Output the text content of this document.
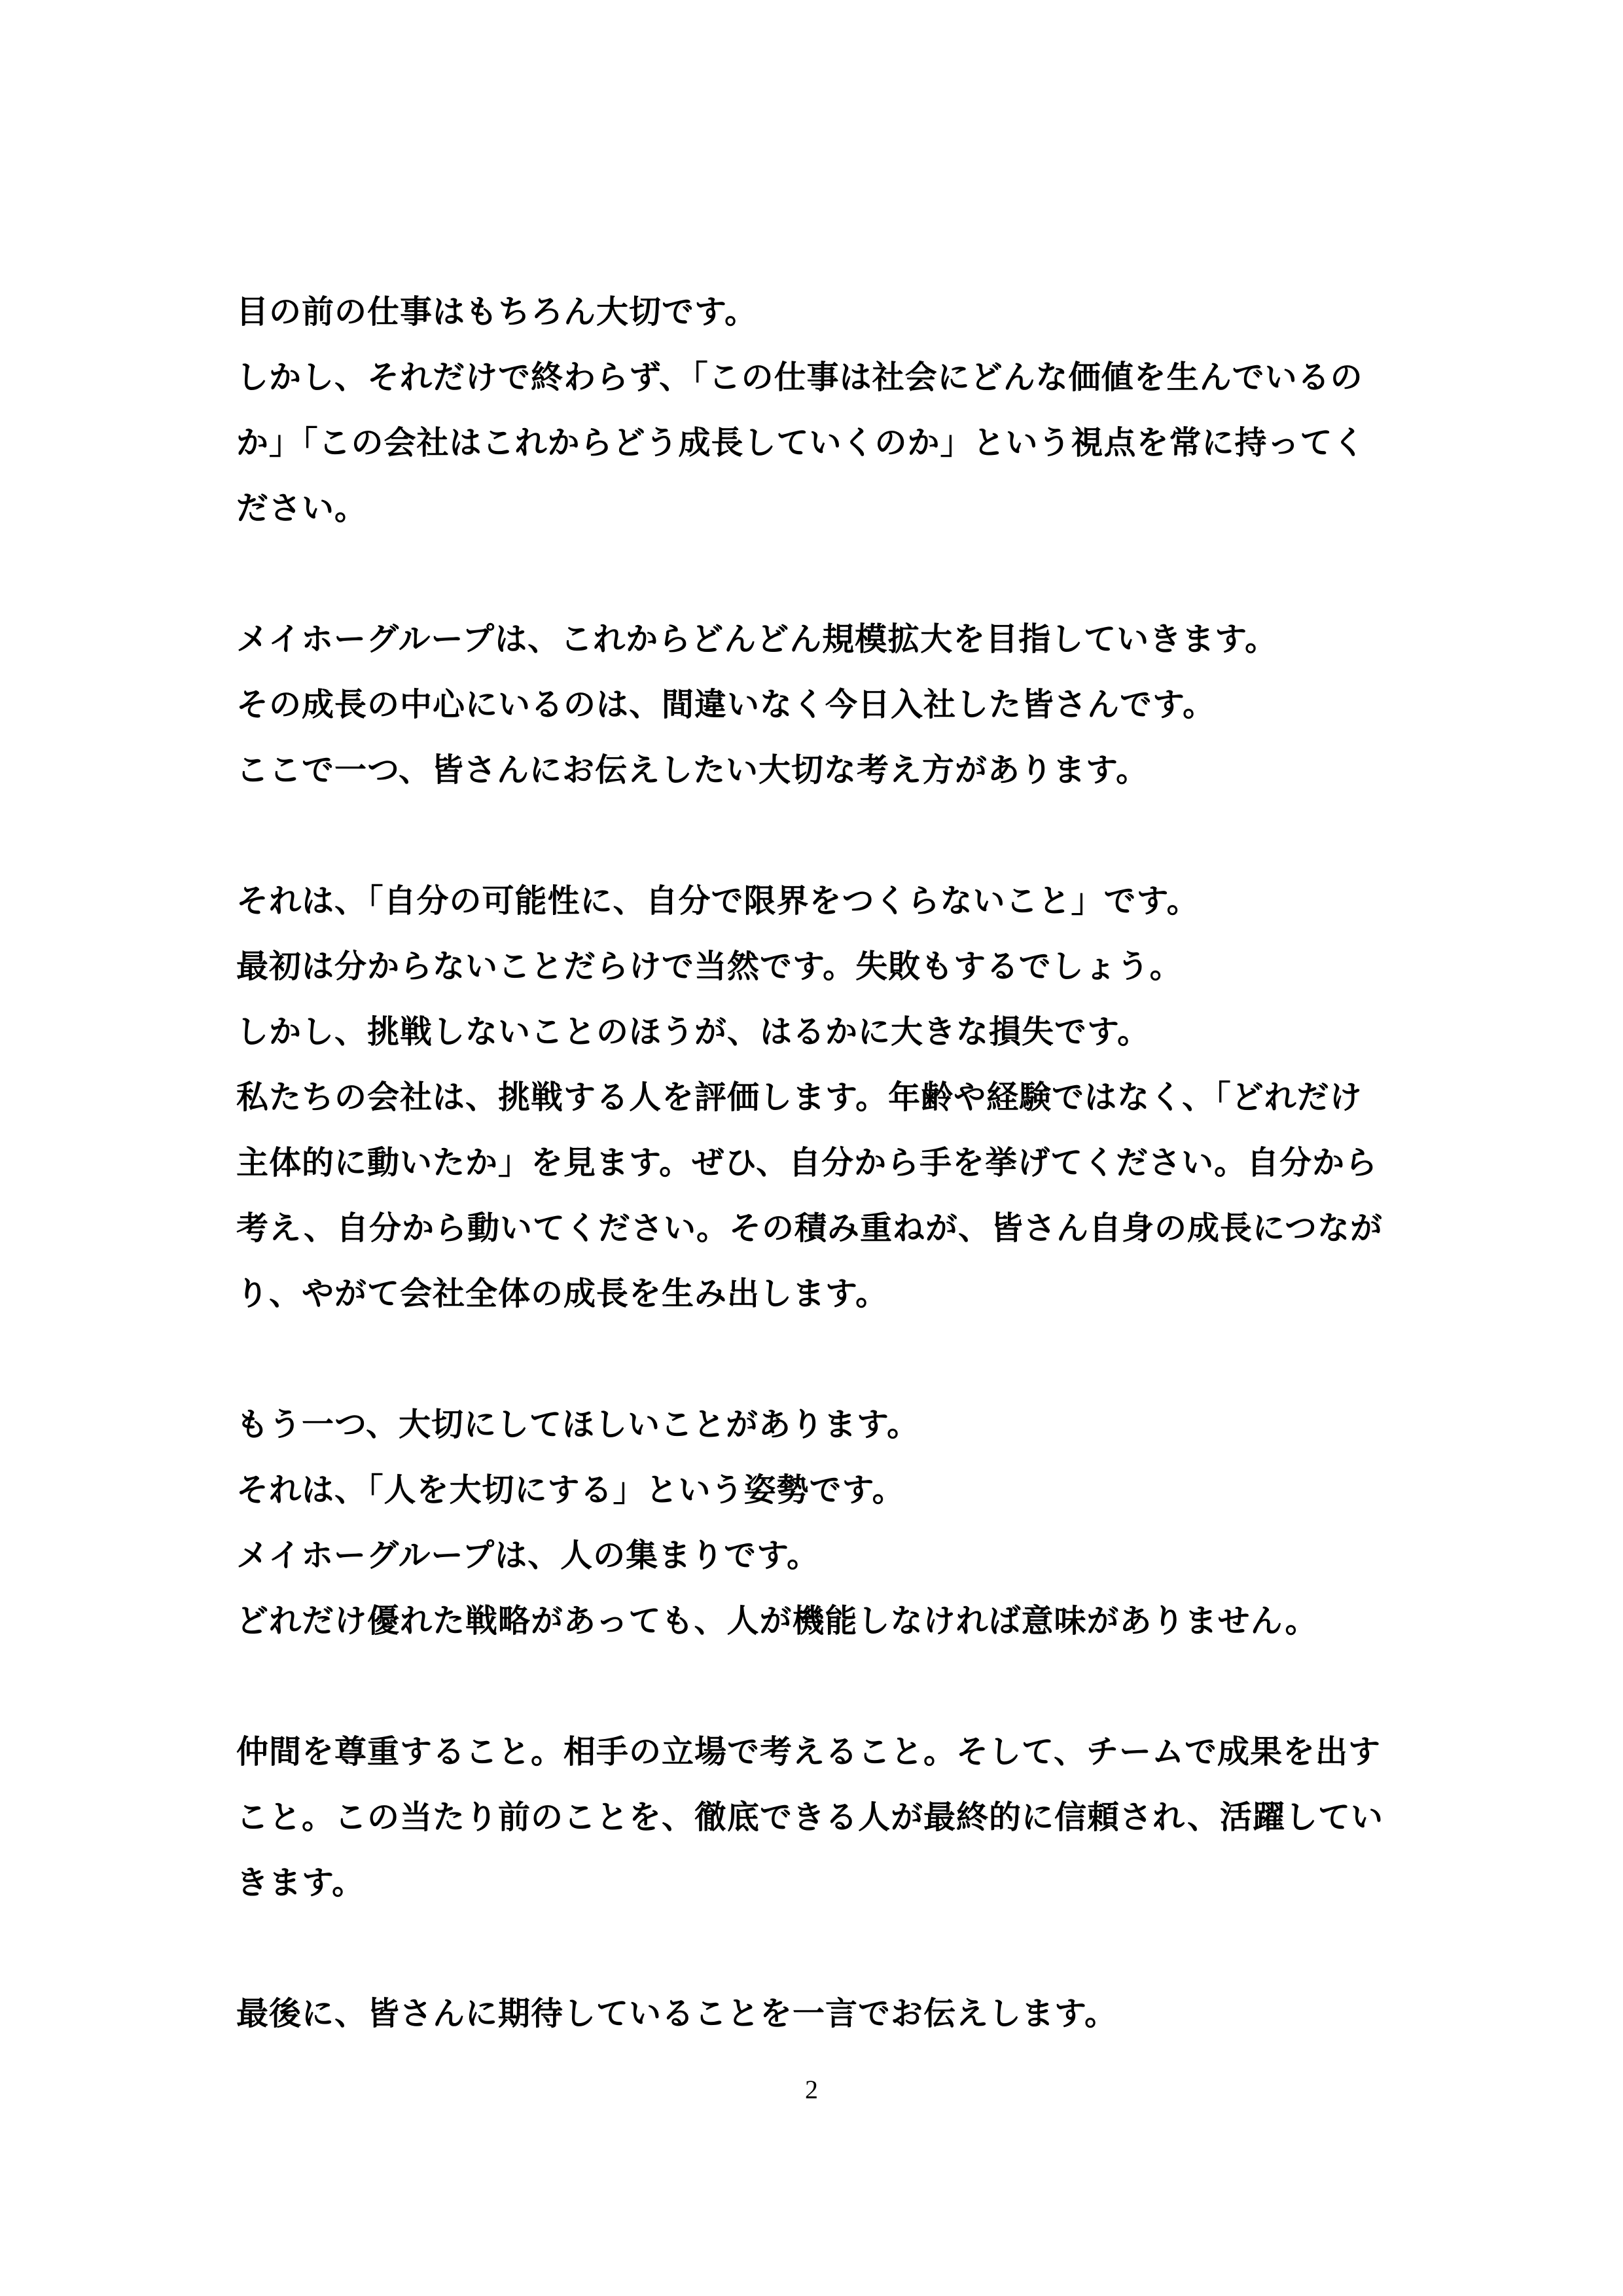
目の前の仕事はもちろん大切です。
しかし、それだけで終わらず、「この仕事は社会にどんな価値を生んでいるの
か」「この会社はこれからどう成長していくのか」という視点を常に持ってく
ださい。
メイホーグループは、これからどんどん規模拡大を目指していきます。
その成長の中心にいるのは、間違いなく今日入社した皆さんです。
ここで一つ、皆さんにお伝えしたい大切な考え方があります。
それは、「自分の可能性に、自分で限界をつくらないこと」です。
最初は分からないことだらけで当然です。失敗もするでしょう。
しかし、挑戦しないことのほうが、はるかに大きな損失です。
私たちの会社は、挑戦する人を評価します。年齢や経験ではなく、「どれだけ
主体的に動いたか」を見ます。ぜひ、自分から手を挙げてください。自分から
考え、自分から動いてください。その積み重ねが、皆さん自身の成長につなが
り、やがて会社全体の成長を生み出します。
もう一つ、大切にしてほしいことがあります。
それは、「人を大切にする」という姿勢です。
メイホーグループは、人の集まりです。
どれだけ優れた戦略があっても、人が機能しなければ意味がありません。
仲間を尊重すること。相手の立場で考えること。そして、チームで成果を出す
こと。この当たり前のことを、徹底できる人が最終的に信頼され、活躍してい
きます。
最後に、皆さんに期待していることを一言でお伝えします。
2
